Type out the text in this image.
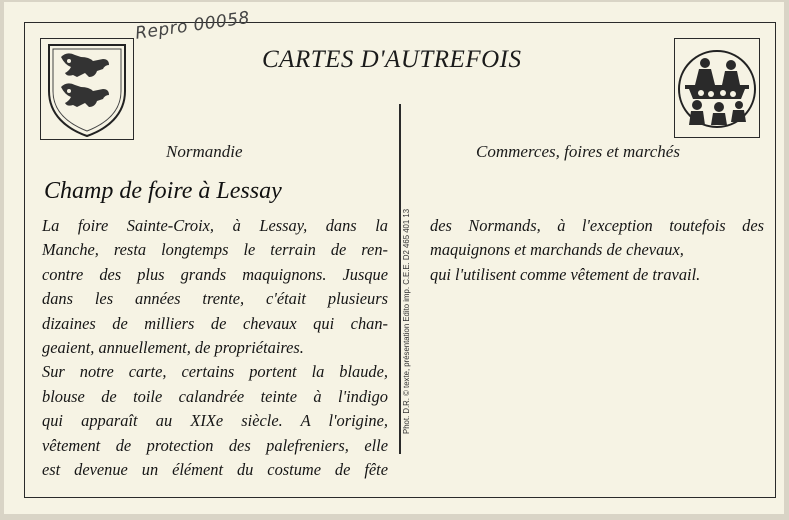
Repro 00058
CARTES D'AUTREFOIS
Normandie	Commerces, foires et marchés
Champ de foire à Lessay
La foire Sainte-Croix, à Lessay, dans la
Manche, resta longtemps le terrain de ren-
contre des plus grands maquignons. Jusque
dans les années trente, c'était plusieurs
dizaines de milliers de chevaux qui chan-
geaient, annuellement, de propriétaires.
Sur notre carte, certains portent la blaude,
blouse de toile calandrée teinte à l'indigo
qui apparaît au XIXe siècle. A l'origine,
vêtement de protection des palefreniers, elle
est devenue un élément du costume de fête
Phot. D.R. © texte, présentation Edito imp. C.E.E. D2 465 401 13 des Normands, à l'exception toutefois des
maquignons et marchands de chevaux,
qui l'utilisent comme vêtement de travail.
